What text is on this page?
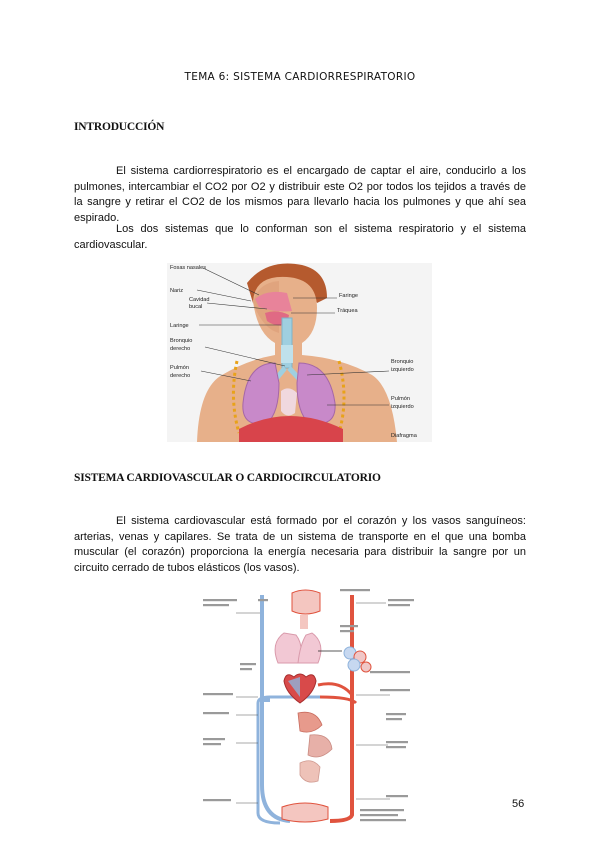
TEMA 6: SISTEMA CARDIORRESPIRATORIO
INTRODUCCIÓN
El sistema cardiorrespiratorio es el encargado de captar el aire, conducirlo a los pulmones, intercambiar el CO2 por O2 y distribuir este O2 por todos los tejidos a través de la sangre y retirar el CO2 de los mismos para llevarlo hacia los pulmones y que ahí sea espirado.
Los dos sistemas que lo conforman son el sistema respiratorio y el sistema cardiovascular.
Fosas nasales
Nariz
Cavidad
bucal
Laringe
Bronquio
derecho
Pulmón
derecho
Faringe
Tráquea
Bronquio
izquierdo
Pulmón
izquierdo
Diafragma
SISTEMA CARDIOVASCULAR O CARDIOCIRCULATORIO
El sistema cardiovascular está formado por el corazón y los vasos sanguíneos: arterias, venas y capilares. Se trata de un sistema de transporte en el que una bomba muscular (el corazón) proporciona la energía necesaria para distribuir la sangre por un circuito cerrado de tubos elásticos (los vasos).
56
